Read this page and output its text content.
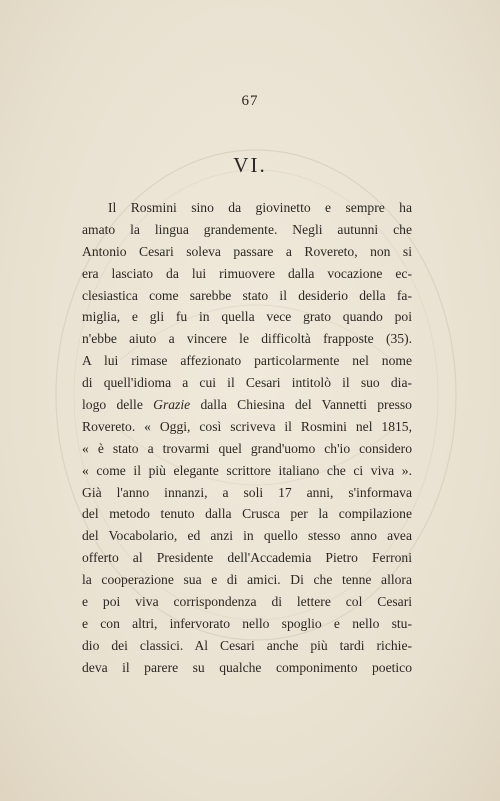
67
VI.
Il Rosmini sino da giovinetto e sempre ha
amato la lingua grandemente. Negli autunni che
Antonio Cesari soleva passare a Rovereto, non si
era lasciato da lui rimuovere dalla vocazione ec-
clesiastica come sarebbe stato il desiderio della fa-
miglia, e gli fu in quella vece grato quando poi
n'ebbe aiuto a vincere le difficoltà frapposte (35).
A lui rimase affezionato particolarmente nel nome
di quell'idioma a cui il Cesari intitolò il suo dia-
logo delle Grazie dalla Chiesina del Vannetti presso
Rovereto. « Oggi, così scriveva il Rosmini nel 1815,
« è stato a trovarmi quel grand'uomo ch'io considero
« come il più elegante scrittore italiano che ci viva ».
Già l'anno innanzi, a soli 17 anni, s'informava
del metodo tenuto dalla Crusca per la compilazione
del Vocabolario, ed anzi in quello stesso anno avea
offerto al Presidente dell'Accademia Pietro Ferroni
la cooperazione sua e di amici. Di che tenne allora
e poi viva corrispondenza di lettere col Cesari
e con altri, infervorato nello spoglio e nello stu-
dio dei classici. Al Cesari anche più tardi richie-
deva il parere su qualche componimento poetico
